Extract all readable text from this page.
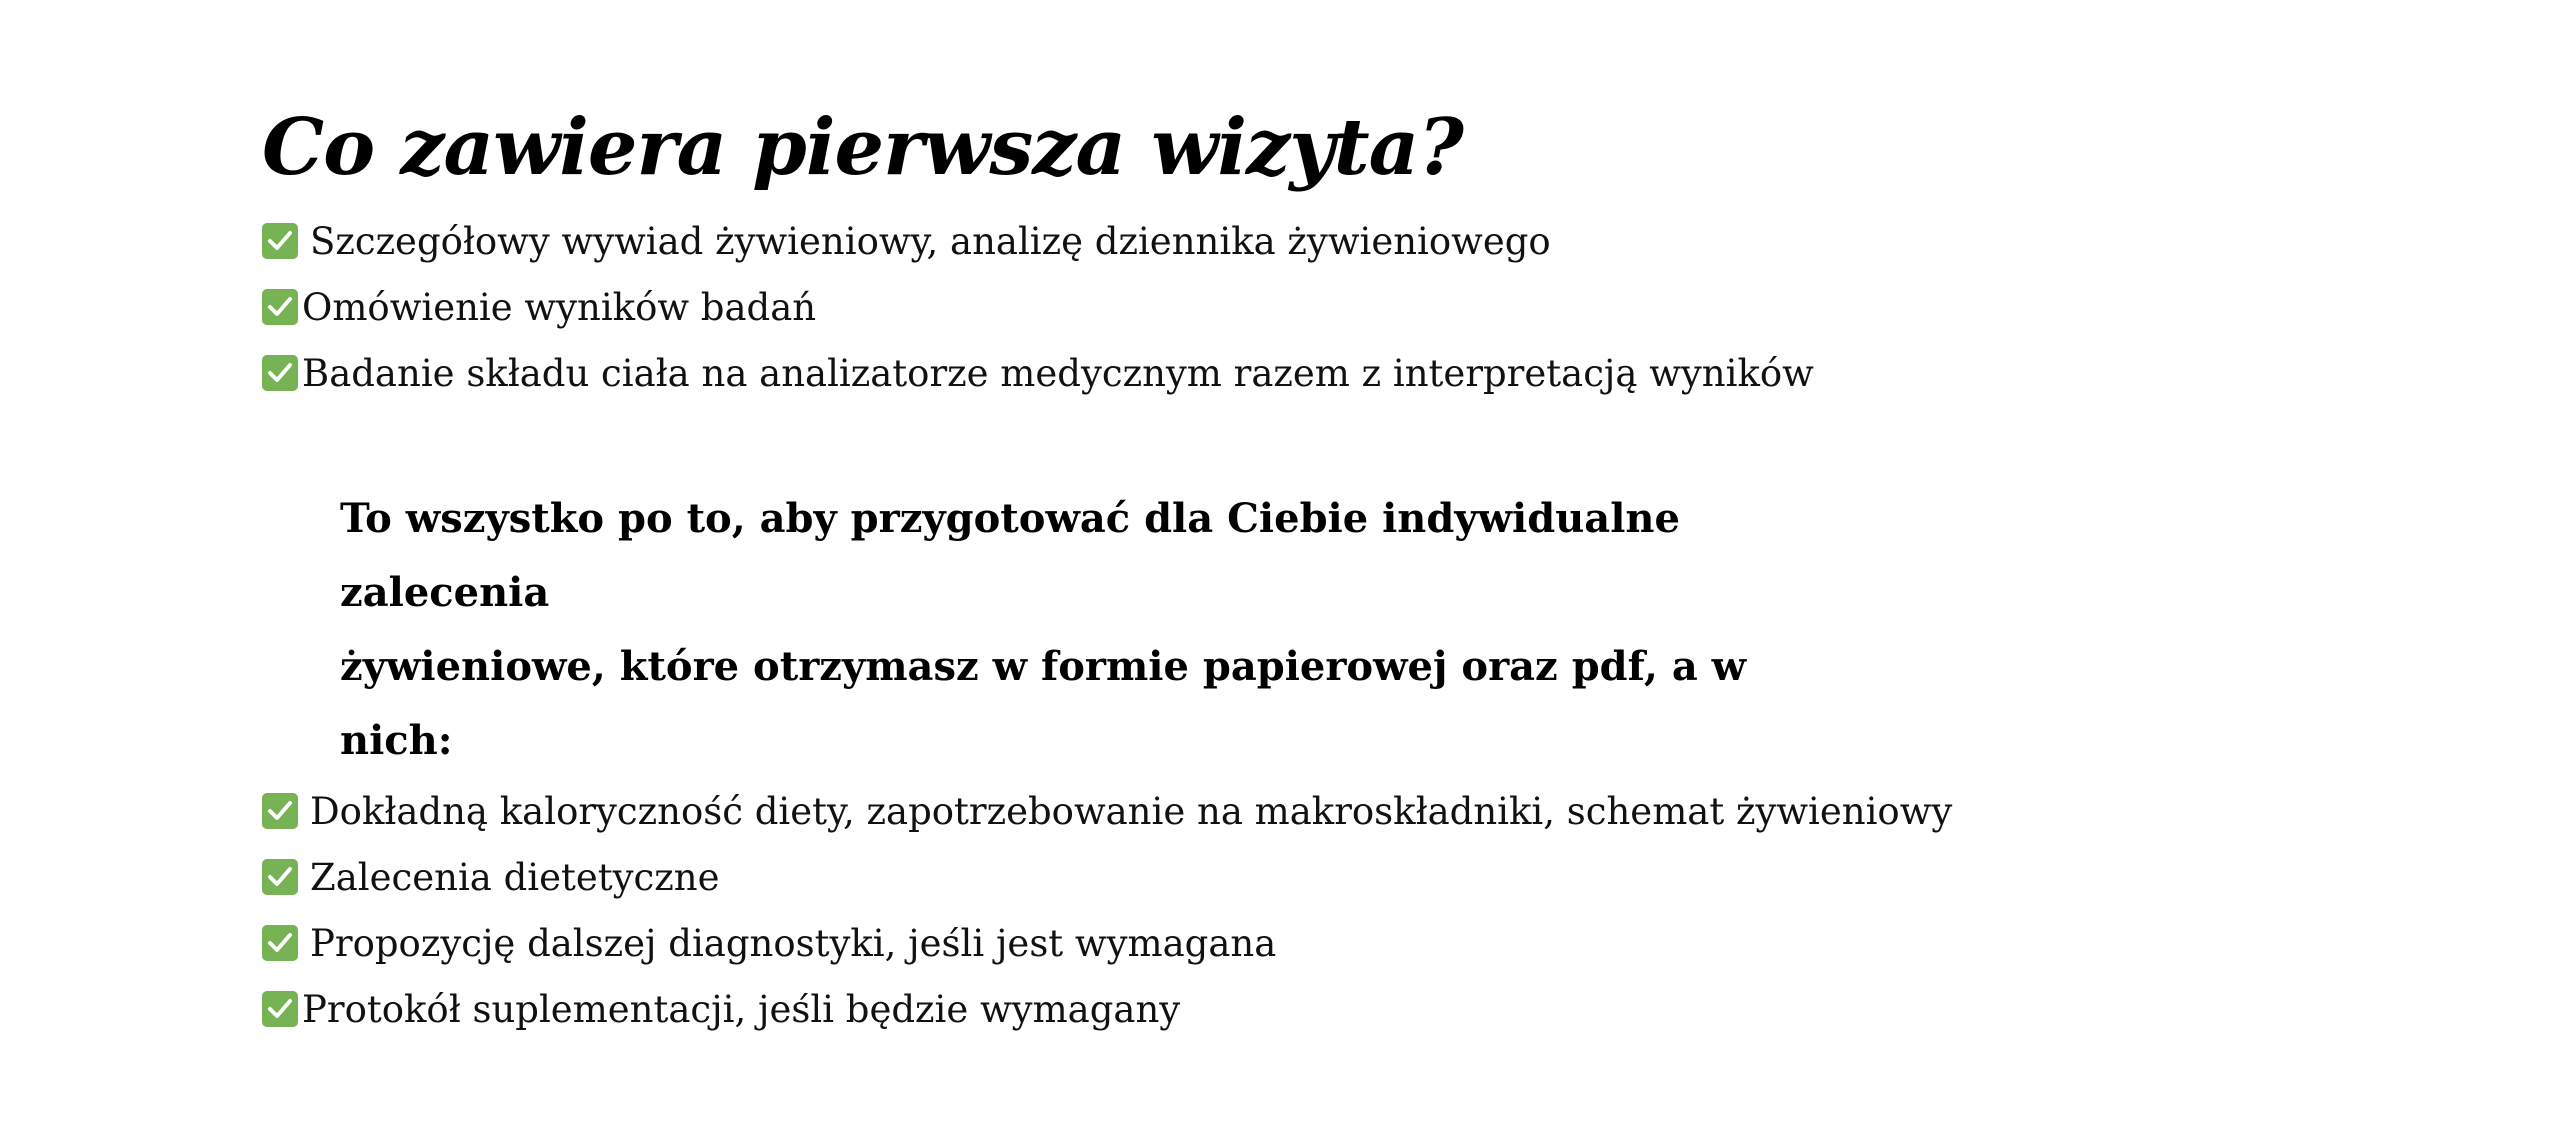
Co zawiera pierwsza wizyta?
Szczegółowy wywiad żywieniowy, analizę dziennika żywieniowego
Omówienie wyników badań
Badanie składu ciała na analizatorze medycznym razem z interpretacją wyników
To wszystko po to, aby przygotować dla Ciebie indywidualne zalecenia
żywieniowe, które otrzymasz w formie papierowej oraz pdf, a w nich:
Dokładną kaloryczność diety, zapotrzebowanie na makroskładniki, schemat żywieniowy
Zalecenia dietetyczne
Propozycję dalszej diagnostyki, jeśli jest wymagana
Protokół suplementacji, jeśli będzie wymagany
